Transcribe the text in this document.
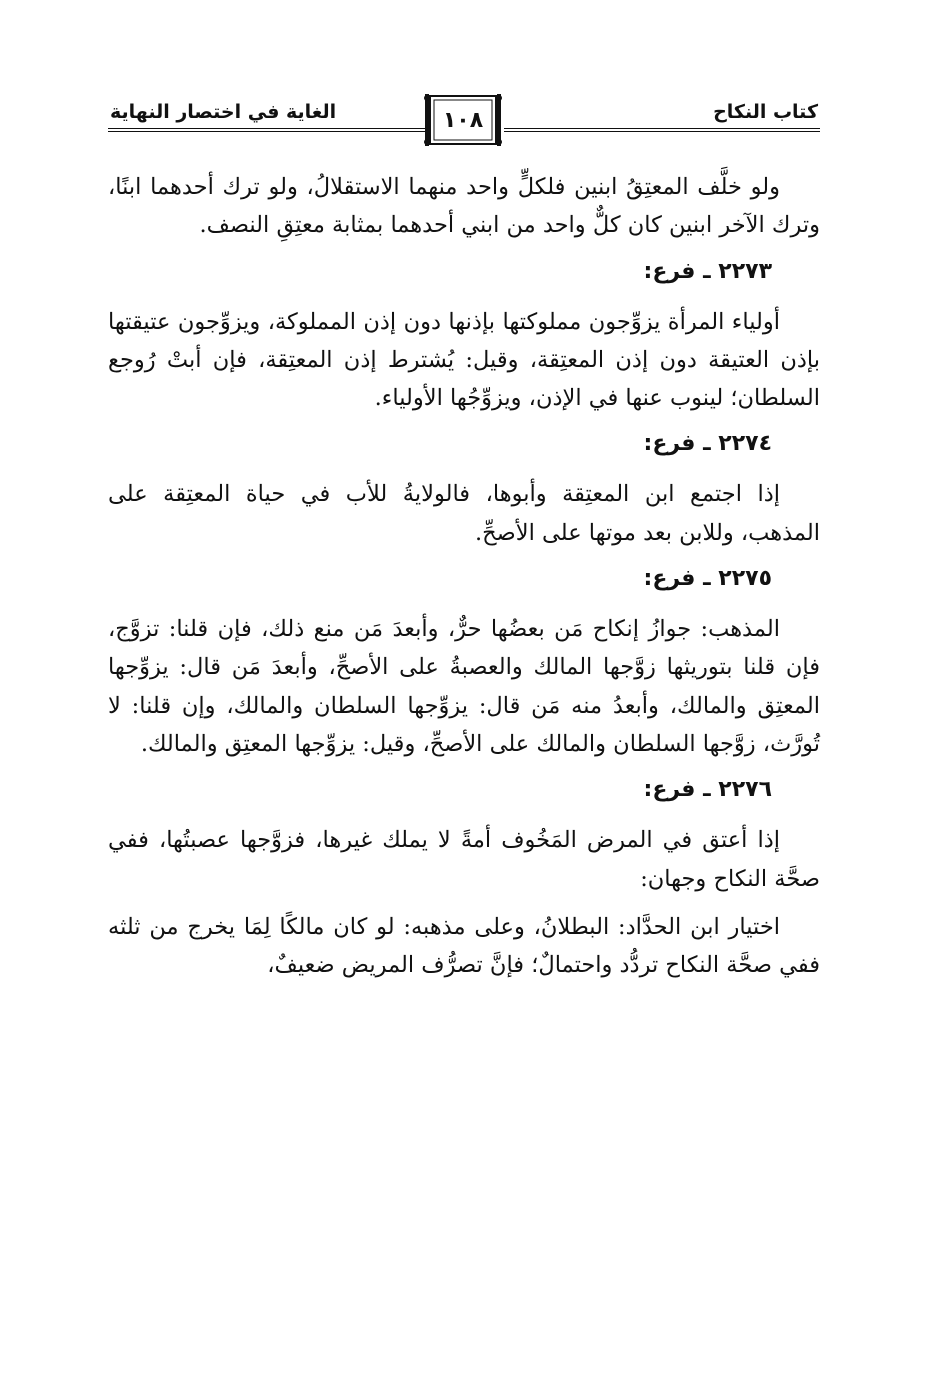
الغاية في اختصار النهاية	١٠٨	كتاب النكاح

ولو خلَّف المعتِقُ ابنين فلكلٍّ واحد منهما الاستقلالُ، ولو ترك أحدهما ابنًا، وترك الآخر ابنين كان كلٌّ واحد من ابني أحدهما بمثابة معتِقِ النصف.

٢٢٧٣ ـ فرع:

أولياء المرأة يزوِّجون مملوكتها بإذنها دون إذن المملوكة، ويزوِّجون عتيقتها بإذن العتيقة دون إذن المعتِقة، وقيل: يُشترط إذن المعتِقة، فإن أبتْ رُوجع السلطان؛ لينوب عنها في الإذن، ويزوِّجُها الأولياء.

٢٢٧٤ ـ فرع:

إذا اجتمع ابن المعتِقة وأبوها، فالولايةُ للأب في حياة المعتِقة على المذهب، وللابن بعد موتها على الأصحِّ.

٢٢٧٥ ـ فرع:

المذهب: جوازُ إنكاح مَن بعضُها حرٌّ، وأبعدَ مَن منع ذلك، فإن قلنا: تزوَّج، فإن قلنا بتوريثها زوَّجها المالك والعصبةُ على الأصحِّ، وأبعدَ مَن قال: يزوِّجها المعتِق والمالك، وأبعدُ منه مَن قال: يزوِّجها السلطان والمالك، وإن قلنا: لا تُورَّث، زوَّجها السلطان والمالك على الأصحِّ، وقيل: يزوِّجها المعتِق والمالك.

٢٢٧٦ ـ فرع:

إذا أعتق في المرض المَخُوف أمةً لا يملك غيرها، فزوَّجها عصبتُها، ففي صحَّة النكاح وجهان:

اختيار ابن الحدَّاد: البطلانُ، وعلى مذهبه: لو كان مالكًا لِمَا يخرج من ثلثه ففي صحَّة النكاح تردُّد واحتمالٌ؛ فإنَّ تصرُّف المريض ضعيفٌ،
